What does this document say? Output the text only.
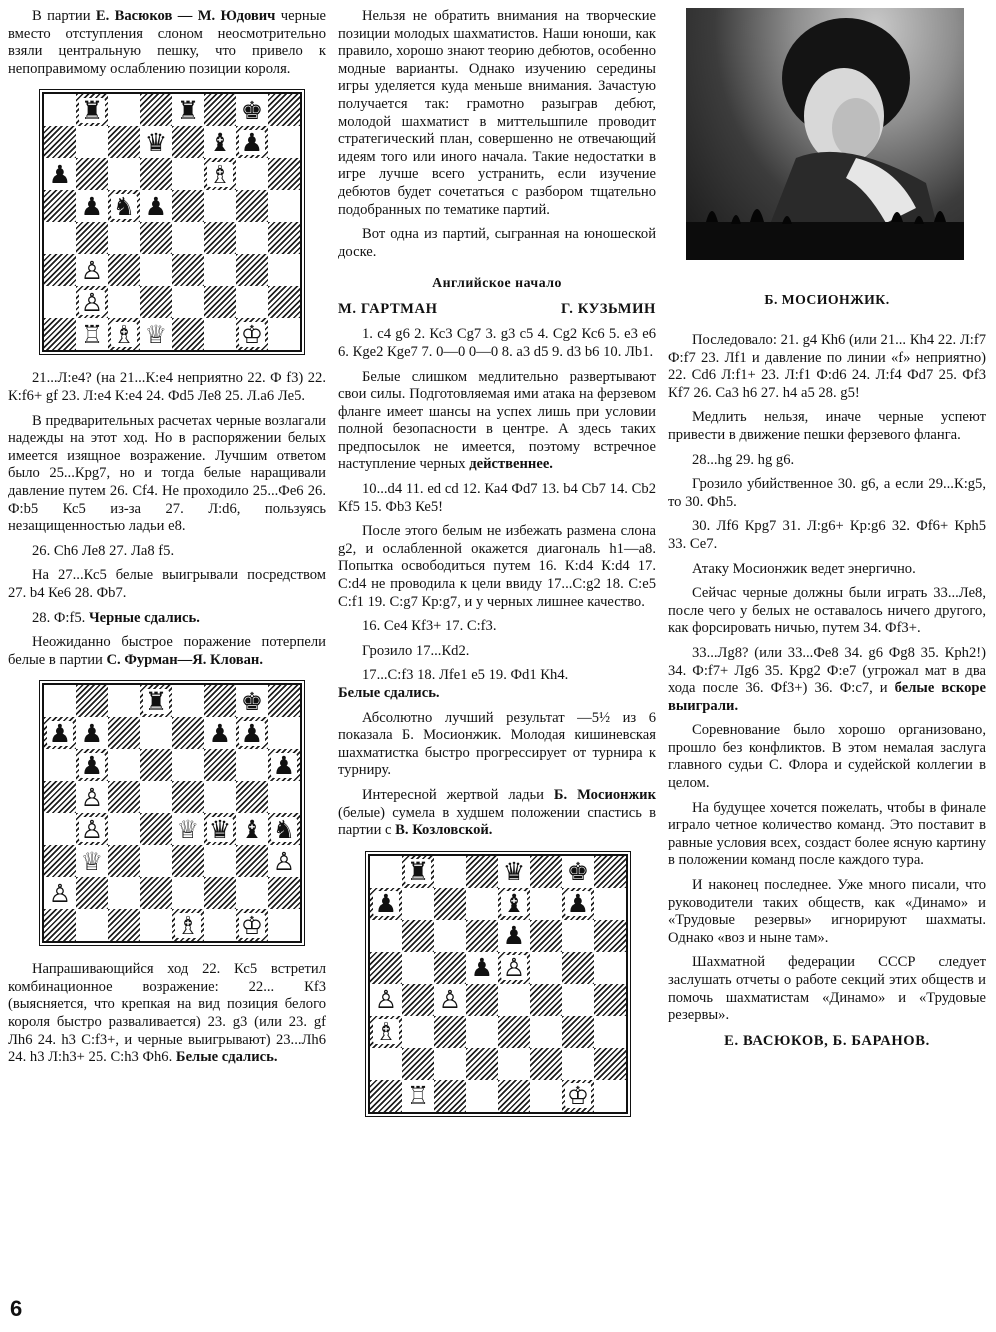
В партии Е. Васюков — М. Юдович черные вместо отступления слоном неосмотрительно взяли центральную пешку, что привело к непоправимому ослаблению позиции короля.

♜	♜ ♚
♛ ♝ ♟
♟	♗
♟ ♞ ♟
♙
♙
♖ ♗ ♕	♔

21...Л:е4? (на 21...К:е4 неприятно 22. Ф f3) 22. К:f6+ gf 23. Л:е4 К:е4 24. Фd5 Ле8 25. Л.а6 Ле5.

В предварительных расчетах черные возлагали надежды на этот ход. Но в распоряжении белых имеется изящное возражение. Лучшим ответом было 25...Кpg7, но и тогда белые наращивали давление путем 26. Cf4. Не проходило 25...Фе6 26. Ф:b5 Кс5 из-за 27. Л:d6, пользуясь незащищенностью ладьи е8.

26. Ch6 Ле8 27. Ла8 f5.

На 27...Кс5 белые выигрывали посредством 27. b4 Ке6 28. Фb7.

28. Ф:f5. Черные сдались.

Неожиданно быстрое поражение потерпели белые в партии С. Фурман—Я. Клован.

♜	♚
♟ ♟	♟ ♟
♟	♟
♙
♙	♕ ♛ ♝ ♞
♕	♙
♙
♗ ♔

Напрашивающийся ход 22. Кс5 встретил комбинационное возражение: 22... Кf3 (выясняется, что крепкая на вид позиция белого короля быстро разваливается) 23. g3 (или 23. gf Лh6 24. h3 С:f3+, и черные выигрывают) 23...Лh6 24. h3 Л:h3+ 25. С:h3 Фh6. Белые сдались.

Нельзя не обратить внимания на творческие позиции молодых шахматистов. Наши юноши, как правило, хорошо знают теорию дебютов, особенно модные варианты. Однако изучению середины игры уделяется куда меньше внимания. Зачастую получается так: грамотно разыграв дебют, молодой шахматист в миттельшпиле проводит стратегический план, совершенно не отвечающий идеям того или иного начала. Такие недостатки в игре лучше всего устранить, если изучение дебютов будет сочетаться с разбором тщательно подобранных по тематике партий.

Вот одна из партий, сыгранная на юношеской доске.

Английское начало
М. ГАРТМАН	Г. КУЗЬМИН

1. с4 g6 2. Кс3 Сg7 3. g3 с5 4. Сg2 Кс6 5. е3 е6 6. Кgе2 Кgе7 7. 0—0 0—0 8. а3 d5 9. d3 b6 10. Лb1.

Белые слишком медлительно развертывают свои силы. Подготовляемая ими атака на ферзевом фланге имеет шансы на успех лишь при условии полной безопасности в центре. А здесь таких предпосылок не имеется, поэтому встречное наступление черных действеннее.

10...d4 11. ed cd 12. Ка4 Фd7 13. b4 Cb7 14. Cb2 Кf5 15. Фb3 Ке5!

После этого белым не избежать размена слона g2, и ослабленной окажется диагональ h1—а8. Попытка освободиться путем 16. К:d4 К:d4 17. С:d4 не проводила к цели ввиду 17...С:g2 18. С:е5 С:f1 19. С:g7 Кр:g7, и у черных лишнее качество.

16. Се4 Кf3+ 17. С:f3.

Грозило 17...Кd2.

17...С:f3 18. Лfе1 е5 19. Фd1 Кh4.
Белые сдались.

Абсолютно лучший результат —5½ из 6 показала Б. Мосионжик. Молодая кишиневская шахматистка быстро прогрессирует от турнира к турниру.

Интересной жертвой ладьи Б. Мосионжик (белые) сумела в худшем положении спастись в партии с В. Козловской.

♜	♛ ♚
♟	♝ ♟
♟
♟ ♙
♙ ♙
♗
♖	♔
Б. МОСИОНЖИК.

Последовало: 21. g4 Кh6 (или 21... Кh4 22. Л:f7 Ф:f7 23. Лf1 и давление по линии «f» неприятно) 22. Cd6 Л:f1+ 23. Л:f1 Ф:d6 24. Л:f4 Фd7 25. Фf3 Кf7 26. Са3 h6 27. h4 а5 28. g5!

Медлить нельзя, иначе черные успеют привести в движение пешки ферзевого фланга.

28...hg 29. hg g6.

Грозило убийственное 30. g6, а если 29...К:g5, то 30. Фh5.

30. Лf6 Кpg7 31. Л:g6+ Кр:g6 32. Фf6+ Кph5 33. Се7.

Атаку Мосионжик ведет энергично.

Сейчас черные должны были играть 33...Ле8, после чего у белых не оставалось ничего другого, как форсировать ничью, путем 34. Фf3+.

33...Лg8? (или 33...Фе8 34. g6 Фg8 35. Кph2!) 34. Ф:f7+ Лg6 35. Кpg2 Ф:е7 (угрожал мат в два хода после 36. Фf3+) 36. Ф:с7, и белые вскоре выиграли.

Соревнование было хорошо организовано, прошло без конфликтов. В этом немалая заслуга главного судьи С. Флора и судейской коллегии в целом.

На будущее хочется пожелать, чтобы в финале играло четное количество команд. Это поставит в равные условия всех, создаст более ясную картину в положении команд после каждого тура.

И наконец последнее. Уже много писали, что руководители таких обществ, как «Динамо» и «Трудовые резервы» игнорируют шахматы. Однако «воз и ныне там».

Шахматной федерации СССР следует заслушать отчеты о работе секций этих обществ и помочь шахматистам «Динамо» и «Трудовые резервы».

Е. ВАСЮКОВ, Б. БАРАНОВ.
6
